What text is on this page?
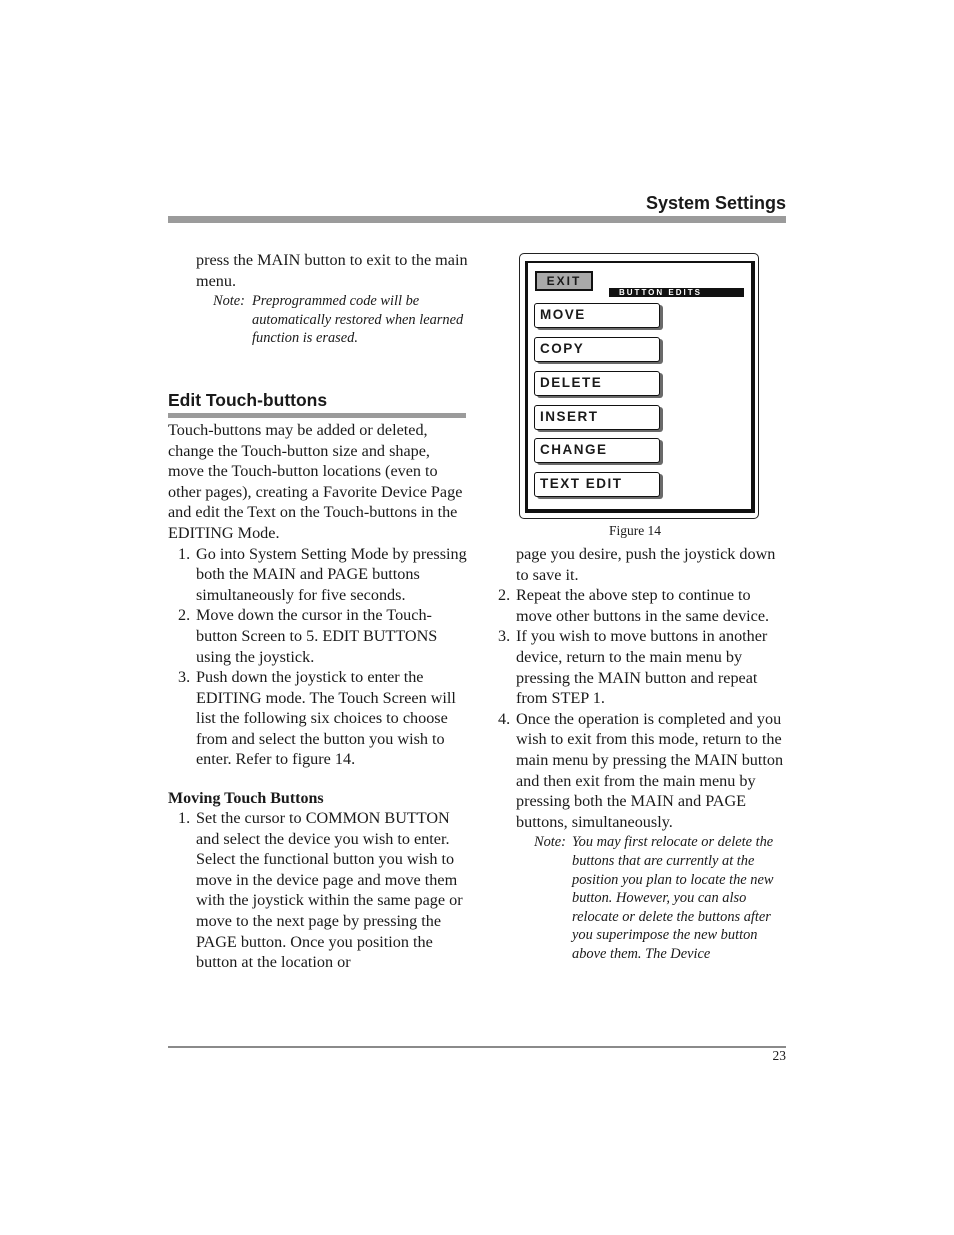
System Settings
press the MAIN button to exit to the main menu.
Note: Preprogrammed code will be automatically restored when learned function is erased.
Edit Touch-buttons
Touch-buttons may be added or deleted, change the Touch-button size and shape, move the Touch-button locations (even to other pages), creating a Favorite Device Page and edit the Text on the Touch-buttons in the EDITING Mode.
1. Go into System Setting Mode by pressing both the MAIN and PAGE buttons simultaneously for five seconds.
2. Move down the cursor in the Touch-button Screen to 5. EDIT BUTTONS using the joystick.
3. Push down the joystick to enter the EDITING mode. The Touch Screen will list the following six choices to choose from and select the button you wish to enter. Refer to figure 14.
Moving Touch Buttons
1. Set the cursor to COMMON BUTTON and select the device you wish to enter. Select the functional button you wish to move in the device page and move them with the joystick within the same page or move to the next page by pressing the PAGE button. Once you position the button at the location or
EXIT
BUTTON EDITS
MOVE
COPY
DELETE
INSERT
CHANGE
TEXT EDIT
Figure 14
page you desire, push the joystick down to save it.
2. Repeat the above step to continue to move other buttons in the same device.
3. If you wish to move buttons in another device, return to the main menu by pressing the MAIN button and repeat from STEP 1.
4. Once the operation is completed and you wish to exit from this mode, return to the main menu by pressing the MAIN button and then exit from the main menu by pressing both the MAIN and PAGE buttons, simultaneously.
Note: You may first relocate or delete the buttons that are currently at the position you plan to locate the new button. However, you can also relocate or delete the buttons after you superimpose the new button above them. The Device
23
